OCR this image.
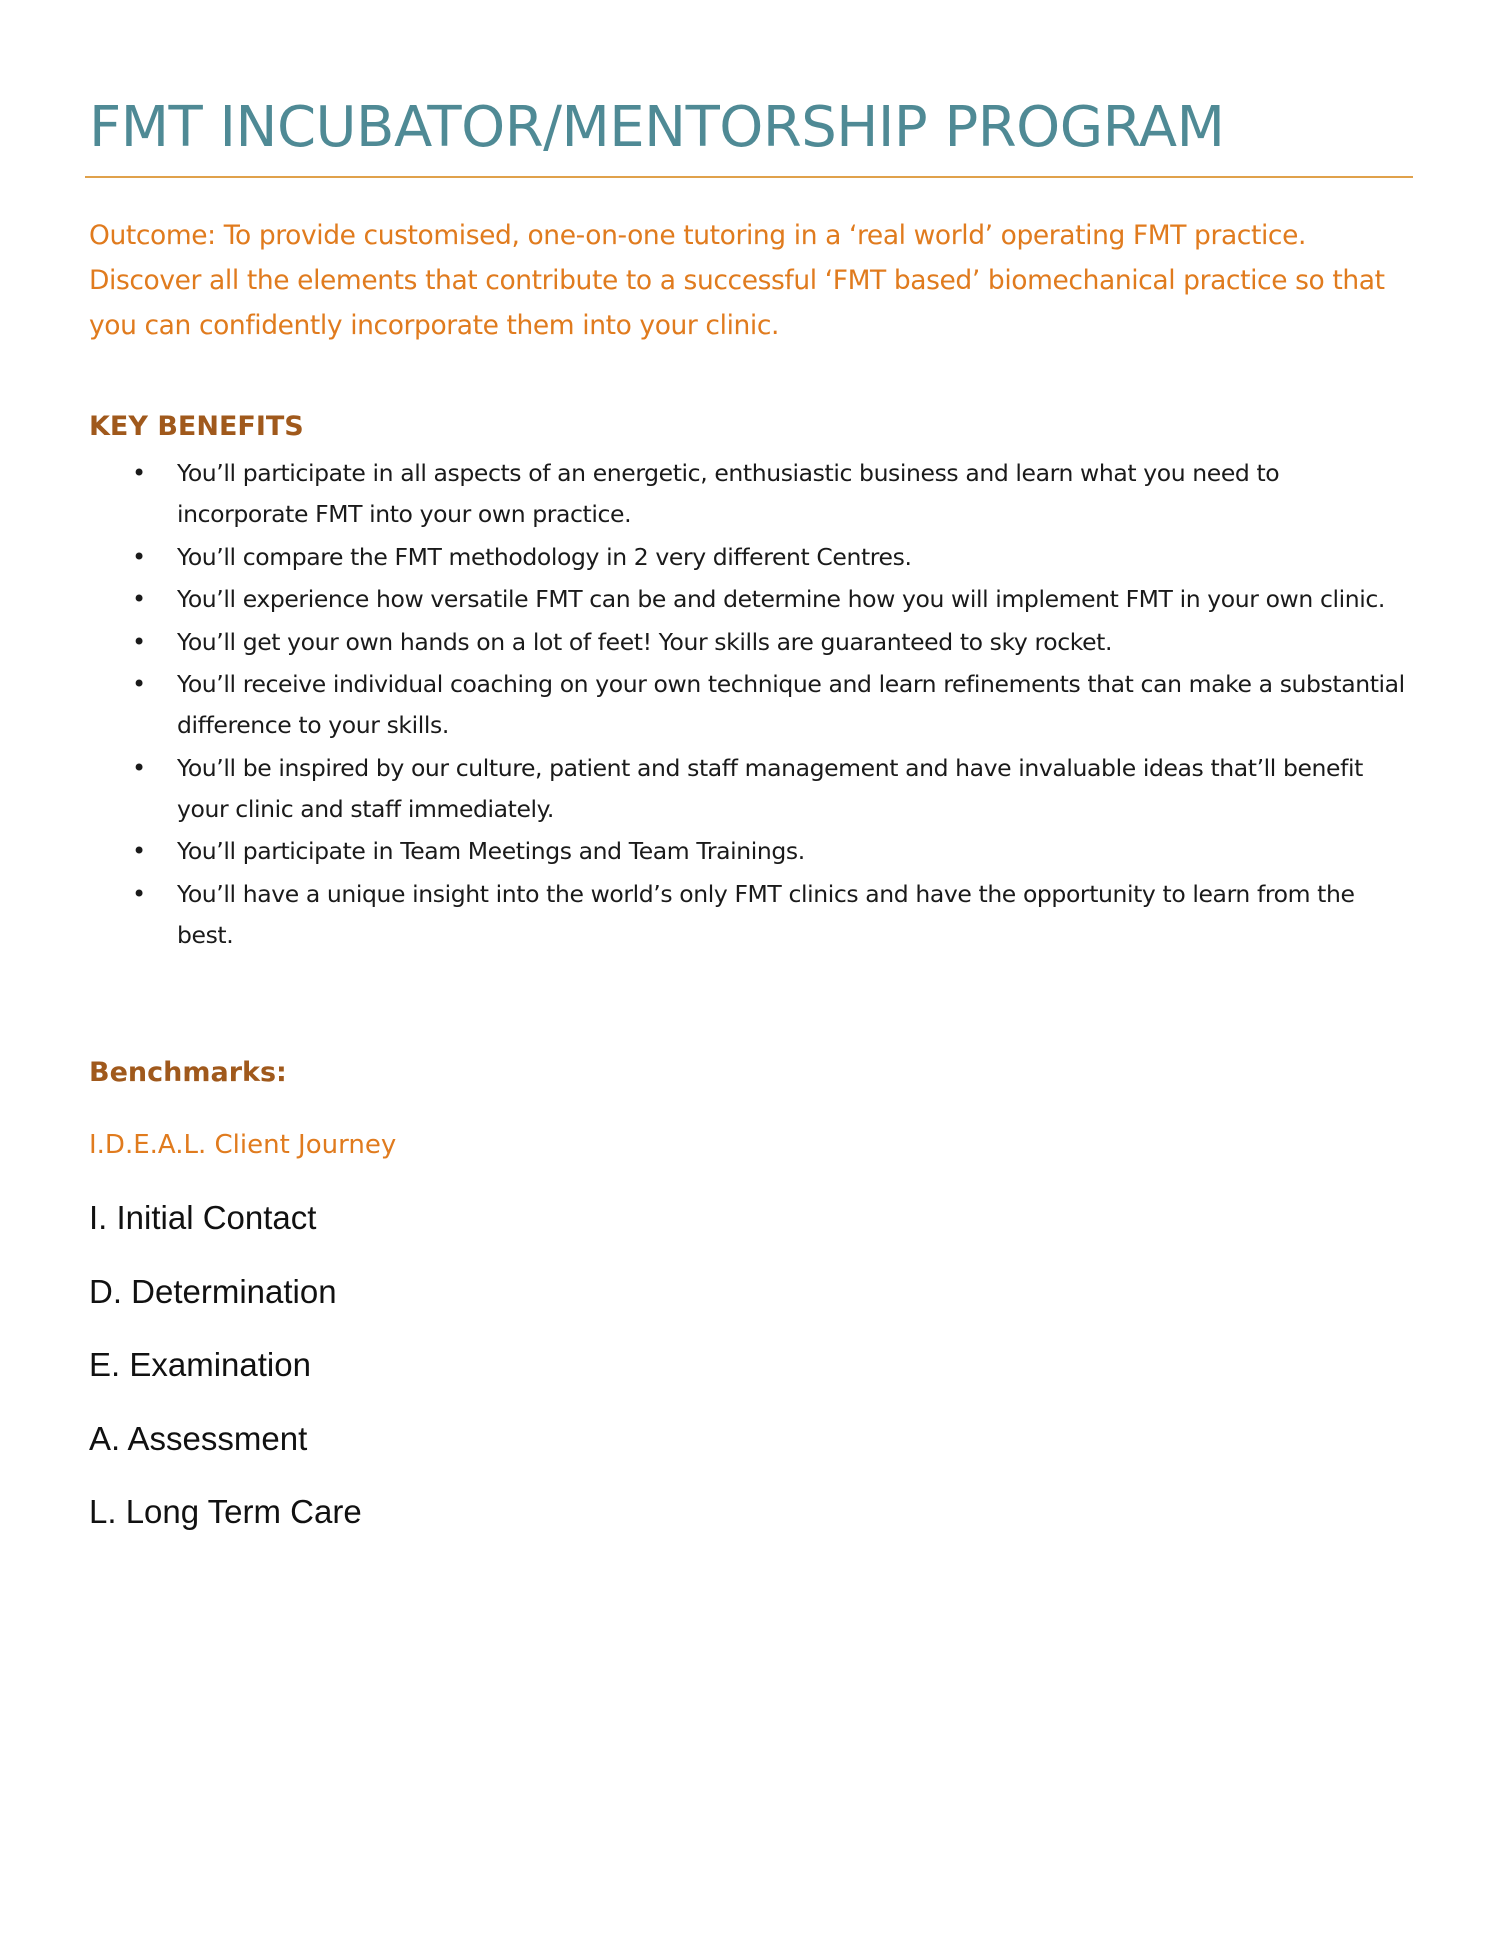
FMT INCUBATOR/MENTORSHIP PROGRAM
Outcome: To provide customised, one-on-one tutoring in a ‘real world’ operating FMT practice.
Discover all the elements that contribute to a successful ‘FMT based’ biomechanical practice so that
you can confidently incorporate them into your clinic.
KEY BENEFITS
• You’ll participate in all aspects of an energetic, enthusiastic business and learn what you need to incorporate FMT into your own practice.
• You’ll compare the FMT methodology in 2 very different Centres.
• You’ll experience how versatile FMT can be and determine how you will implement FMT in your own clinic.
• You’ll get your own hands on a lot of feet! Your skills are guaranteed to sky rocket.
• You’ll receive individual coaching on your own technique and learn refinements that can make a substantial difference to your skills.
• You’ll be inspired by our culture, patient and staff management and have invaluable ideas that’ll benefit your clinic and staff immediately.
• You’ll participate in Team Meetings and Team Trainings.
• You’ll have a unique insight into the world’s only FMT clinics and have the opportunity to learn from the best.
Benchmarks:
I.D.E.A.L. Client Journey
I. Initial Contact
D. Determination
E. Examination
A. Assessment
L. Long Term Care
